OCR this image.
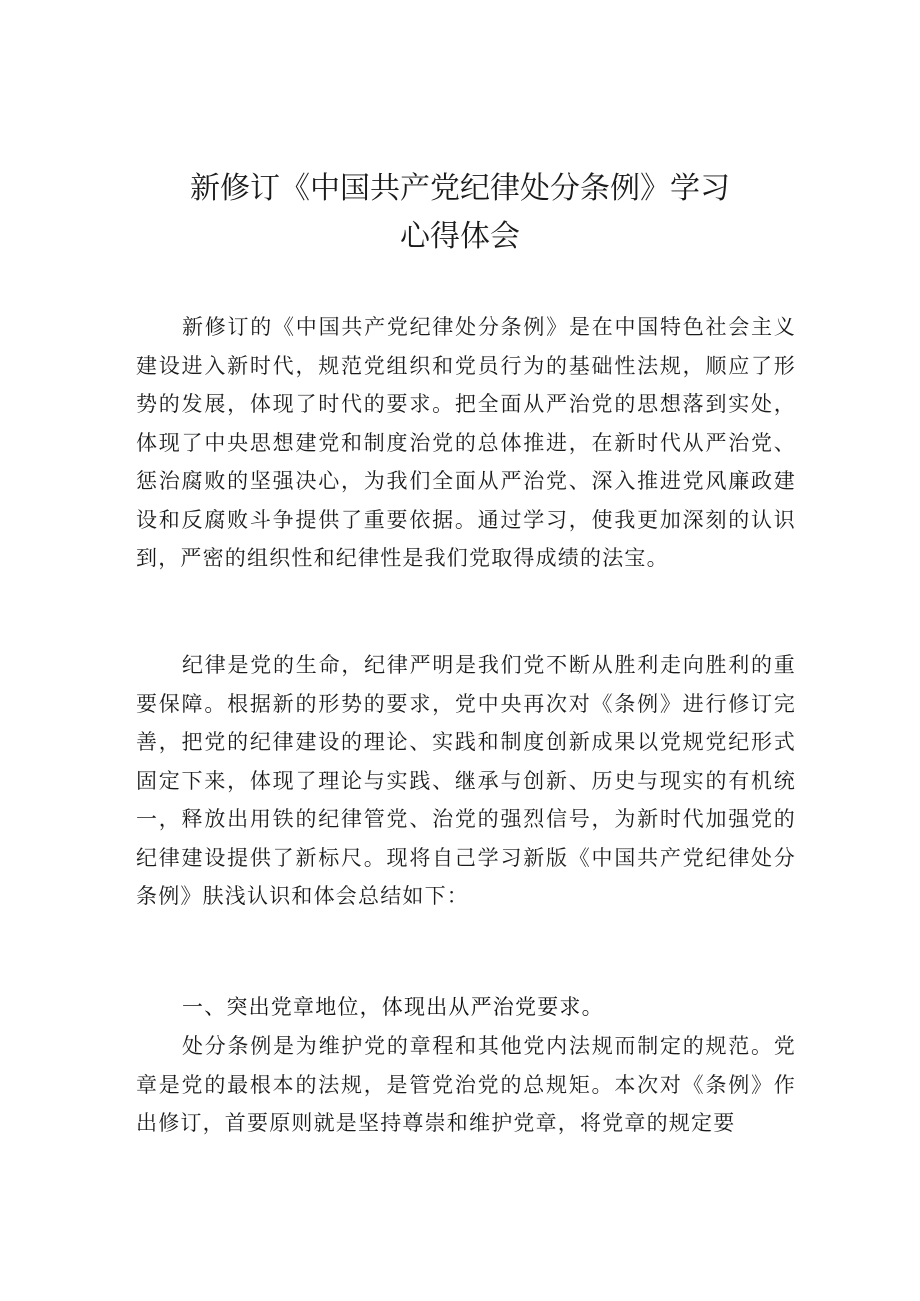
新修订《中国共产党纪律处分条例》学习
心得体会

新修订的《中国共产党纪律处分条例》是在中国特色社会主义建设进入新时代，规范党组织和党员行为的基础性法规，顺应了形势的发展，体现了时代的要求。把全面从严治党的思想落到实处，体现了中央思想建党和制度治党的总体推进，在新时代从严治党、惩治腐败的坚强决心，为我们全面从严治党、深入推进党风廉政建设和反腐败斗争提供了重要依据。通过学习，使我更加深刻的认识到，严密的组织性和纪律性是我们党取得成绩的法宝。

纪律是党的生命，纪律严明是我们党不断从胜利走向胜利的重要保障。根据新的形势的要求，党中央再次对《条例》进行修订完善，把党的纪律建设的理论、实践和制度创新成果以党规党纪形式固定下来，体现了理论与实践、继承与创新、历史与现实的有机统一，释放出用铁的纪律管党、治党的强烈信号，为新时代加强党的纪律建设提供了新标尺。现将自己学习新版《中国共产党纪律处分条例》肤浅认识和体会总结如下：

一、突出党章地位，体现出从严治党要求。

处分条例是为维护党的章程和其他党内法规而制定的规范。党章是党的最根本的法规，是管党治党的总规矩。本次对《条例》作出修订，首要原则就是坚持尊崇和维护党章，将党章的规定要
